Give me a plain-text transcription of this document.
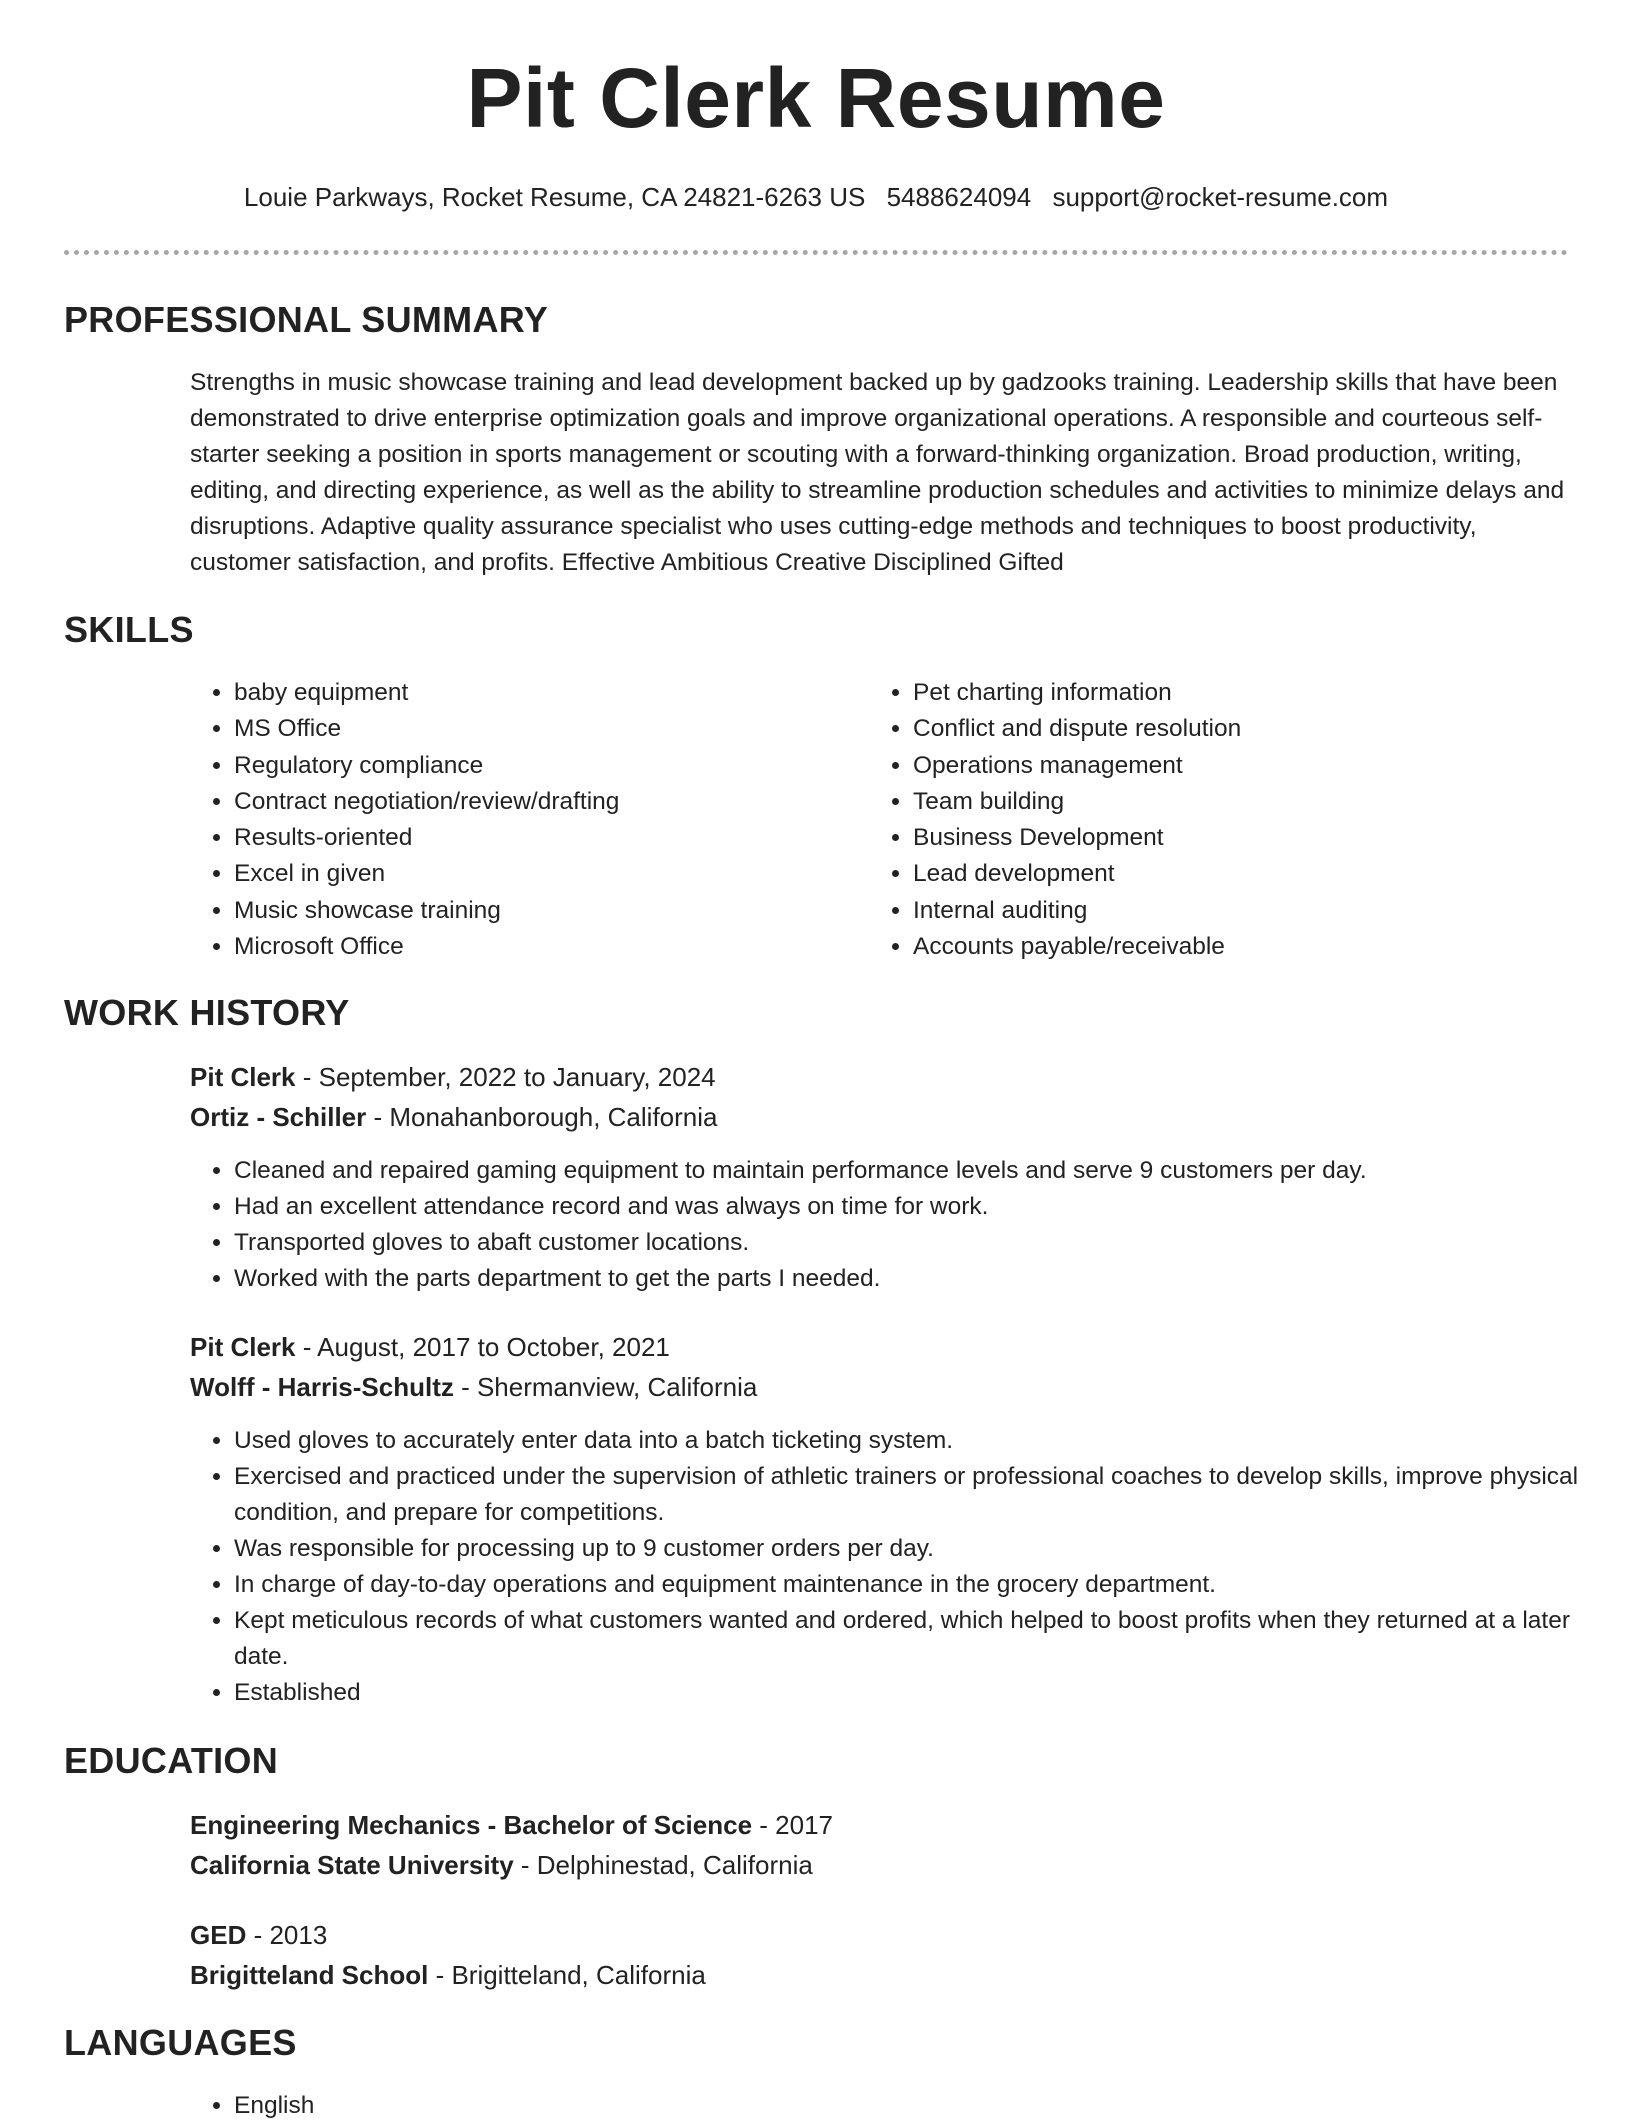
Pit Clerk Resume
Louie Parkways, Rocket Resume, CA 24821-6263 US 5488624094 support@rocket-resume.com
PROFESSIONAL SUMMARY

Strengths in music showcase training and lead development backed up by gadzooks training. Leadership skills that have been demonstrated to drive enterprise optimization goals and improve organizational operations. A responsible and courteous self-starter seeking a position in sports management or scouting with a forward-thinking organization. Broad production, writing, editing, and directing experience, as well as the ability to streamline production schedules and activities to minimize delays and disruptions. Adaptive quality assurance specialist who uses cutting-edge methods and techniques to boost productivity, customer satisfaction, and profits. Effective Ambitious Creative Disciplined Gifted

SKILLS
• baby equipment
• MS Office
• Regulatory compliance
• Contract negotiation/review/drafting
• Results-oriented
• Excel in given
• Music showcase training
• Microsoft Office
• Pet charting information
• Conflict and dispute resolution
• Operations management
• Team building
• Business Development
• Lead development
• Internal auditing
• Accounts payable/receivable
WORK HISTORY
Pit Clerk - September, 2022 to January, 2024
Ortiz - Schiller - Monahanborough, California
• Cleaned and repaired gaming equipment to maintain performance levels and serve 9 customers per day.
• Had an excellent attendance record and was always on time for work.
• Transported gloves to abaft customer locations.
• Worked with the parts department to get the parts I needed.
Pit Clerk - August, 2017 to October, 2021
Wolff - Harris-Schultz - Shermanview, California
• Used gloves to accurately enter data into a batch ticketing system.
• Exercised and practiced under the supervision of athletic trainers or professional coaches to develop skills, improve physical condition, and prepare for competitions.
• Was responsible for processing up to 9 customer orders per day.
• In charge of day-to-day operations and equipment maintenance in the grocery department.
• Kept meticulous records of what customers wanted and ordered, which helped to boost profits when they returned at a later date.
• Established
EDUCATION
Engineering Mechanics - Bachelor of Science - 2017
California State University - Delphinestad, California
GED - 2013
Brigitteland School - Brigitteland, California
LANGUAGES
• English
